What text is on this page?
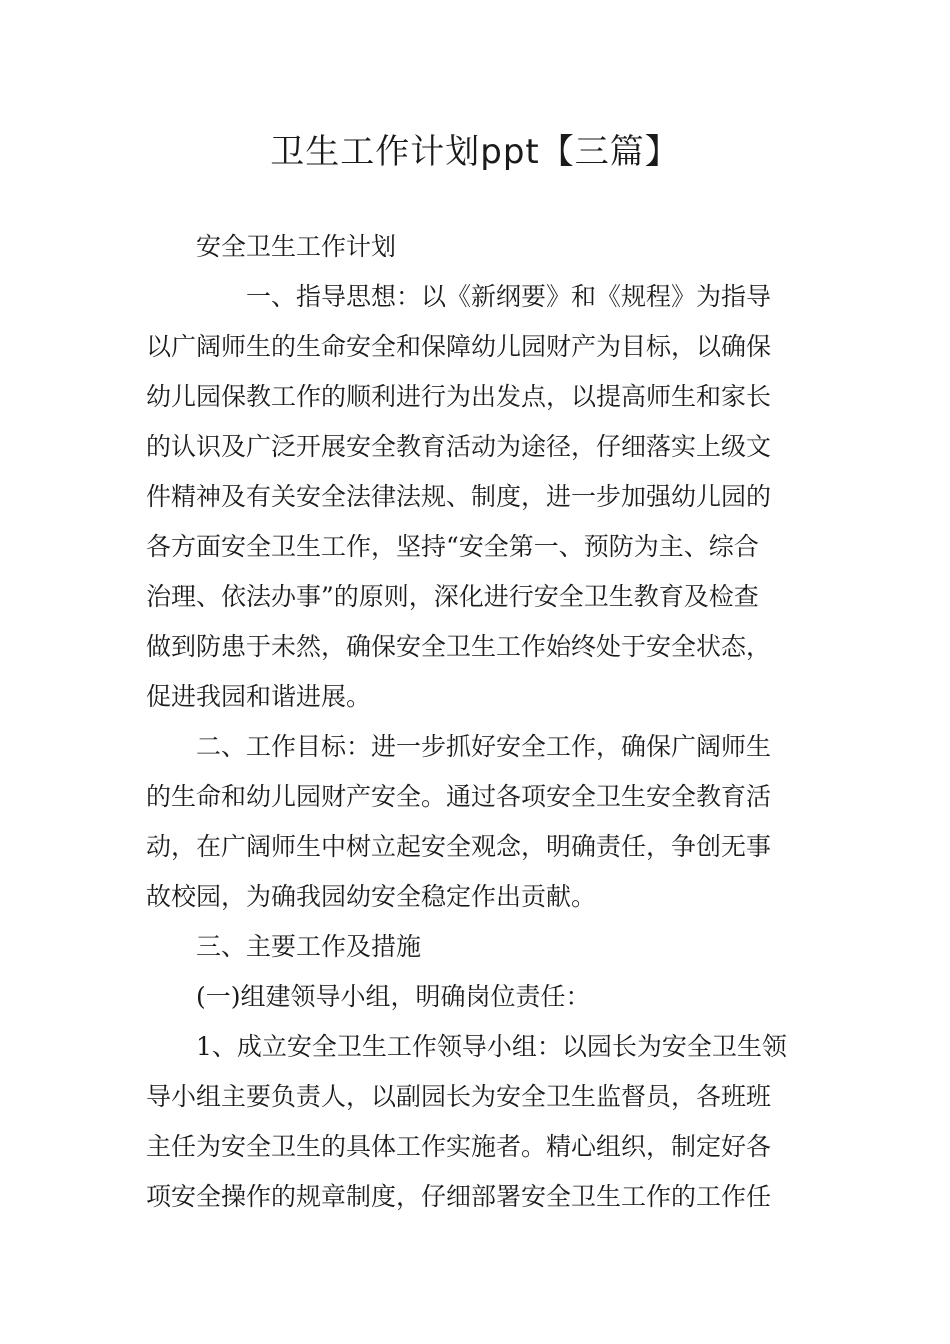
卫生工作计划ppt【三篇】
安全卫生工作计划
一、指导思想：以《新纲要》和《规程》为指导
以广阔师生的生命安全和保障幼儿园财产为目标，以确保
幼儿园保教工作的顺利进行为出发点，以提高师生和家长
的认识及广泛开展安全教育活动为途径，仔细落实上级文
件精神及有关安全法律法规、制度，进一步加强幼儿园的
各方面安全卫生工作，坚持“安全第一、预防为主、综合
治理、依法办事”的原则，深化进行安全卫生教育及检查
做到防患于未然，确保安全卫生工作始终处于安全状态，
促进我园和谐进展。
二、工作目标：进一步抓好安全工作，确保广阔师生
的生命和幼儿园财产安全。通过各项安全卫生安全教育活
动，在广阔师生中树立起安全观念，明确责任，争创无事
故校园，为确我园幼安全稳定作出贡献。
三、主要工作及措施
(一)组建领导小组，明确岗位责任：
1、成立安全卫生工作领导小组：以园长为安全卫生领
导小组主要负责人，以副园长为安全卫生监督员，各班班
主任为安全卫生的具体工作实施者。精心组织，制定好各
项安全操作的规章制度，仔细部署安全卫生工作的工作任
